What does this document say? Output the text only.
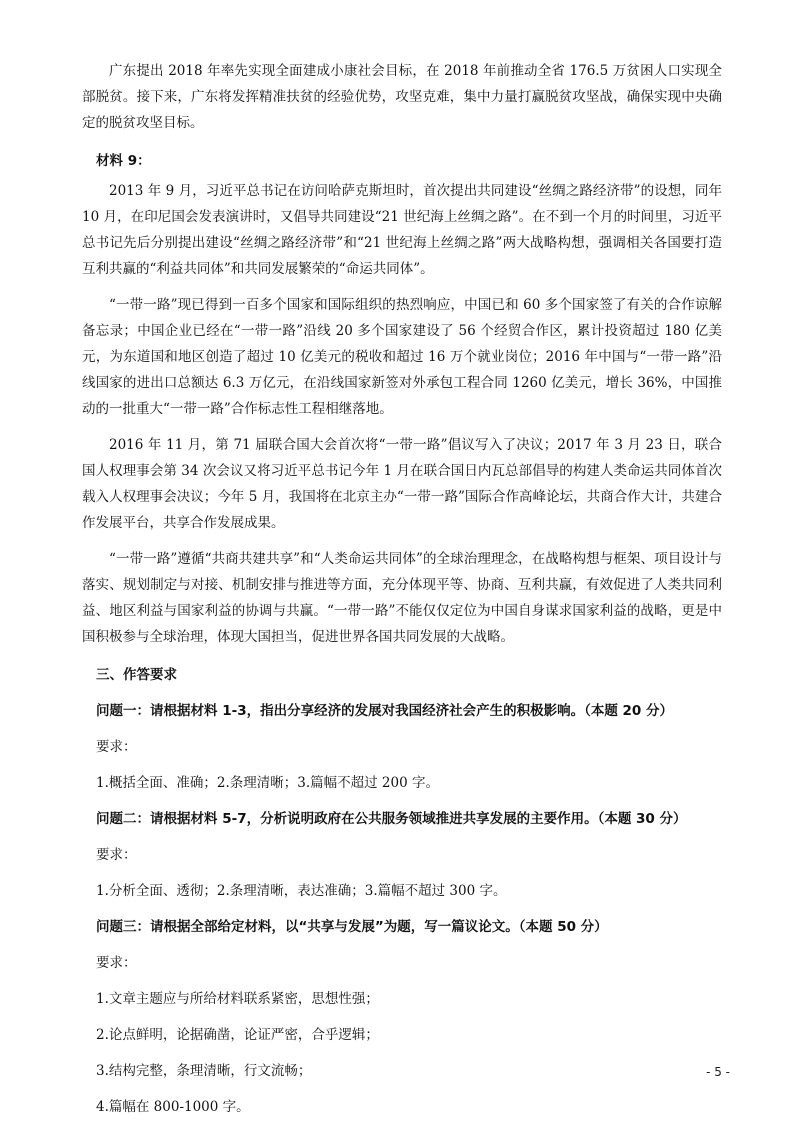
广东提出 2018 年率先实现全面建成小康社会目标，在 2018 年前推动全省 176.5 万贫困人口实现全部脱贫。接下来，广东将发挥精准扶贫的经验优势，攻坚克难，集中力量打赢脱贫攻坚战，确保实现中央确定的脱贫攻坚目标。

材料 9：

2013 年 9 月，习近平总书记在访问哈萨克斯坦时，首次提出共同建设“丝绸之路经济带”的设想，同年 10 月，在印尼国会发表演讲时，又倡导共同建设“21 世纪海上丝绸之路”。在不到一个月的时间里，习近平总书记先后分别提出建设“丝绸之路经济带”和“21 世纪海上丝绸之路”两大战略构想，强调相关各国要打造互利共赢的“利益共同体”和共同发展繁荣的“命运共同体”。

“一带一路”现已得到一百多个国家和国际组织的热烈响应，中国已和 60 多个国家签了有关的合作谅解备忘录；中国企业已经在“一带一路”沿线 20 多个国家建设了 56 个经贸合作区，累计投资超过 180 亿美元，为东道国和地区创造了超过 10 亿美元的税收和超过 16 万个就业岗位；2016 年中国与“一带一路”沿线国家的进出口总额达 6.3 万亿元，在沿线国家新签对外承包工程合同 1260 亿美元，增长 36%，中国推动的一批重大“一带一路”合作标志性工程相继落地。

2016 年 11 月，第 71 届联合国大会首次将“一带一路”倡议写入了决议；2017 年 3 月 23 日，联合国人权理事会第 34 次会议又将习近平总书记今年 1 月在联合国日内瓦总部倡导的构建人类命运共同体首次载入人权理事会决议；今年 5 月，我国将在北京主办“一带一路”国际合作高峰论坛，共商合作大计，共建合作发展平台，共享合作发展成果。

“一带一路”遵循“共商共建共享”和“人类命运共同体”的全球治理理念，在战略构想与框架、项目设计与落实、规划制定与对接、机制安排与推进等方面，充分体现平等、协商、互利共赢，有效促进了人类共同利益、地区利益与国家利益的协调与共赢。“一带一路”不能仅仅定位为中国自身谋求国家利益的战略，更是中国积极参与全球治理，体现大国担当，促进世界各国共同发展的大战略。

三、作答要求

问题一：请根据材料 1-3，指出分享经济的发展对我国经济社会产生的积极影响。（本题 20 分）

要求：

1.概括全面、准确；2.条理清晰；3.篇幅不超过 200 字。

问题二：请根据材料 5-7，分析说明政府在公共服务领域推进共享发展的主要作用。（本题 30 分）

要求：

1.分析全面、透彻；2.条理清晰，表达准确；3.篇幅不超过 300 字。

问题三：请根据全部给定材料，以“共享与发展”为题，写一篇议论文。（本题 50 分）

要求：

1.文章主题应与所给材料联系紧密，思想性强；

2.论点鲜明，论据确凿，论证严密，合乎逻辑；

3.结构完整，条理清晰，行文流畅；

4.篇幅在 800-1000 字。

- 5 -
